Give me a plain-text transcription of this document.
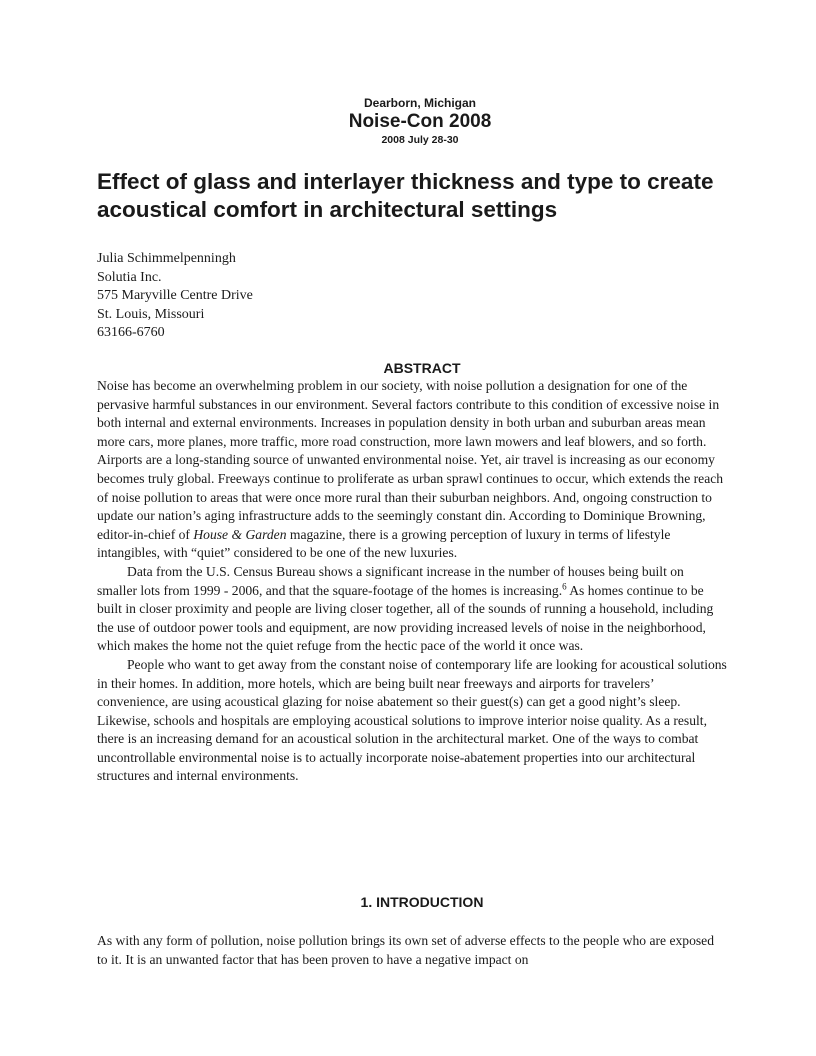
Dearborn, Michigan
Noise-Con 2008
2008 July 28-30
Effect of glass and interlayer thickness and type to create acoustical comfort in architectural settings
Julia Schimmelpenningh
Solutia Inc.
575 Maryville Centre Drive
St. Louis, Missouri
63166-6760
ABSTRACT

Noise has become an overwhelming problem in our society, with noise pollution a designation for one of the pervasive harmful substances in our environment. Several factors contribute to this condition of excessive noise in both internal and external environments. Increases in population density in both urban and suburban areas mean more cars, more planes, more traffic, more road construction, more lawn mowers and leaf blowers, and so forth. Airports are a long-standing source of unwanted environmental noise. Yet, air travel is increasing as our economy becomes truly global. Freeways continue to proliferate as urban sprawl continues to occur, which extends the reach of noise pollution to areas that were once more rural than their suburban neighbors. And, ongoing construction to update our nation’s aging infrastructure adds to the seemingly constant din. According to Dominique Browning, editor-in-chief of House & Garden magazine, there is a growing perception of luxury in terms of lifestyle intangibles, with “quiet” considered to be one of the new luxuries.

Data from the U.S. Census Bureau shows a significant increase in the number of houses being built on smaller lots from 1999 - 2006, and that the square-footage of the homes is increasing.$^6$ As homes continue to be built in closer proximity and people are living closer together, all of the sounds of running a household, including the use of outdoor power tools and equipment, are now providing increased levels of noise in the neighborhood, which makes the home not the quiet refuge from the hectic pace of the world it once was.

People who want to get away from the constant noise of contemporary life are looking for acoustical solutions in their homes. In addition, more hotels, which are being built near freeways and airports for travelers’ convenience, are using acoustical glazing for noise abatement so their guest(s) can get a good night’s sleep. Likewise, schools and hospitals are employing acoustical solutions to improve interior noise quality. As a result, there is an increasing demand for an acoustical solution in the architectural market. One of the ways to combat uncontrollable environmental noise is to actually incorporate noise-abatement properties into our architectural structures and internal environments.

1. INTRODUCTION

As with any form of pollution, noise pollution brings its own set of adverse effects to the people who are exposed to it. It is an unwanted factor that has been proven to have a negative impact on
